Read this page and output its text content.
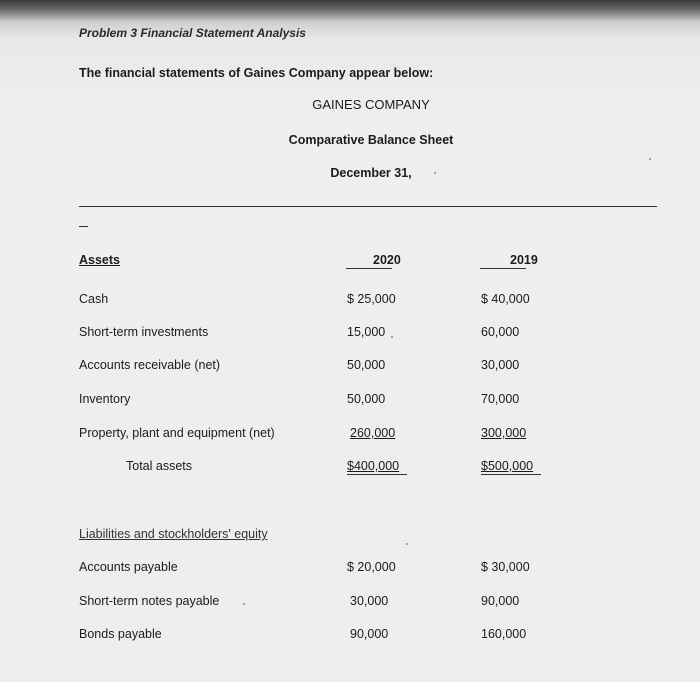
Problem 3 Financial Statement Analysis
The financial statements of Gaines Company appear below:
GAINES COMPANY
Comparative Balance Sheet
December 31,
Assets	2020	2019
Cash	$ 25,000	$ 40,000
Short-term investments	15,000	60,000
Accounts receivable (net)	50,000	30,000
Inventory	50,000	70,000
Property, plant and equipment (net)	260,000	300,000
Total assets	$400,000	$500,000
Liabilities and stockholders' equity
Accounts payable	$ 20,000	$ 30,000
Short-term notes payable	30,000	90,000
Bonds payable	90,000	160,000
